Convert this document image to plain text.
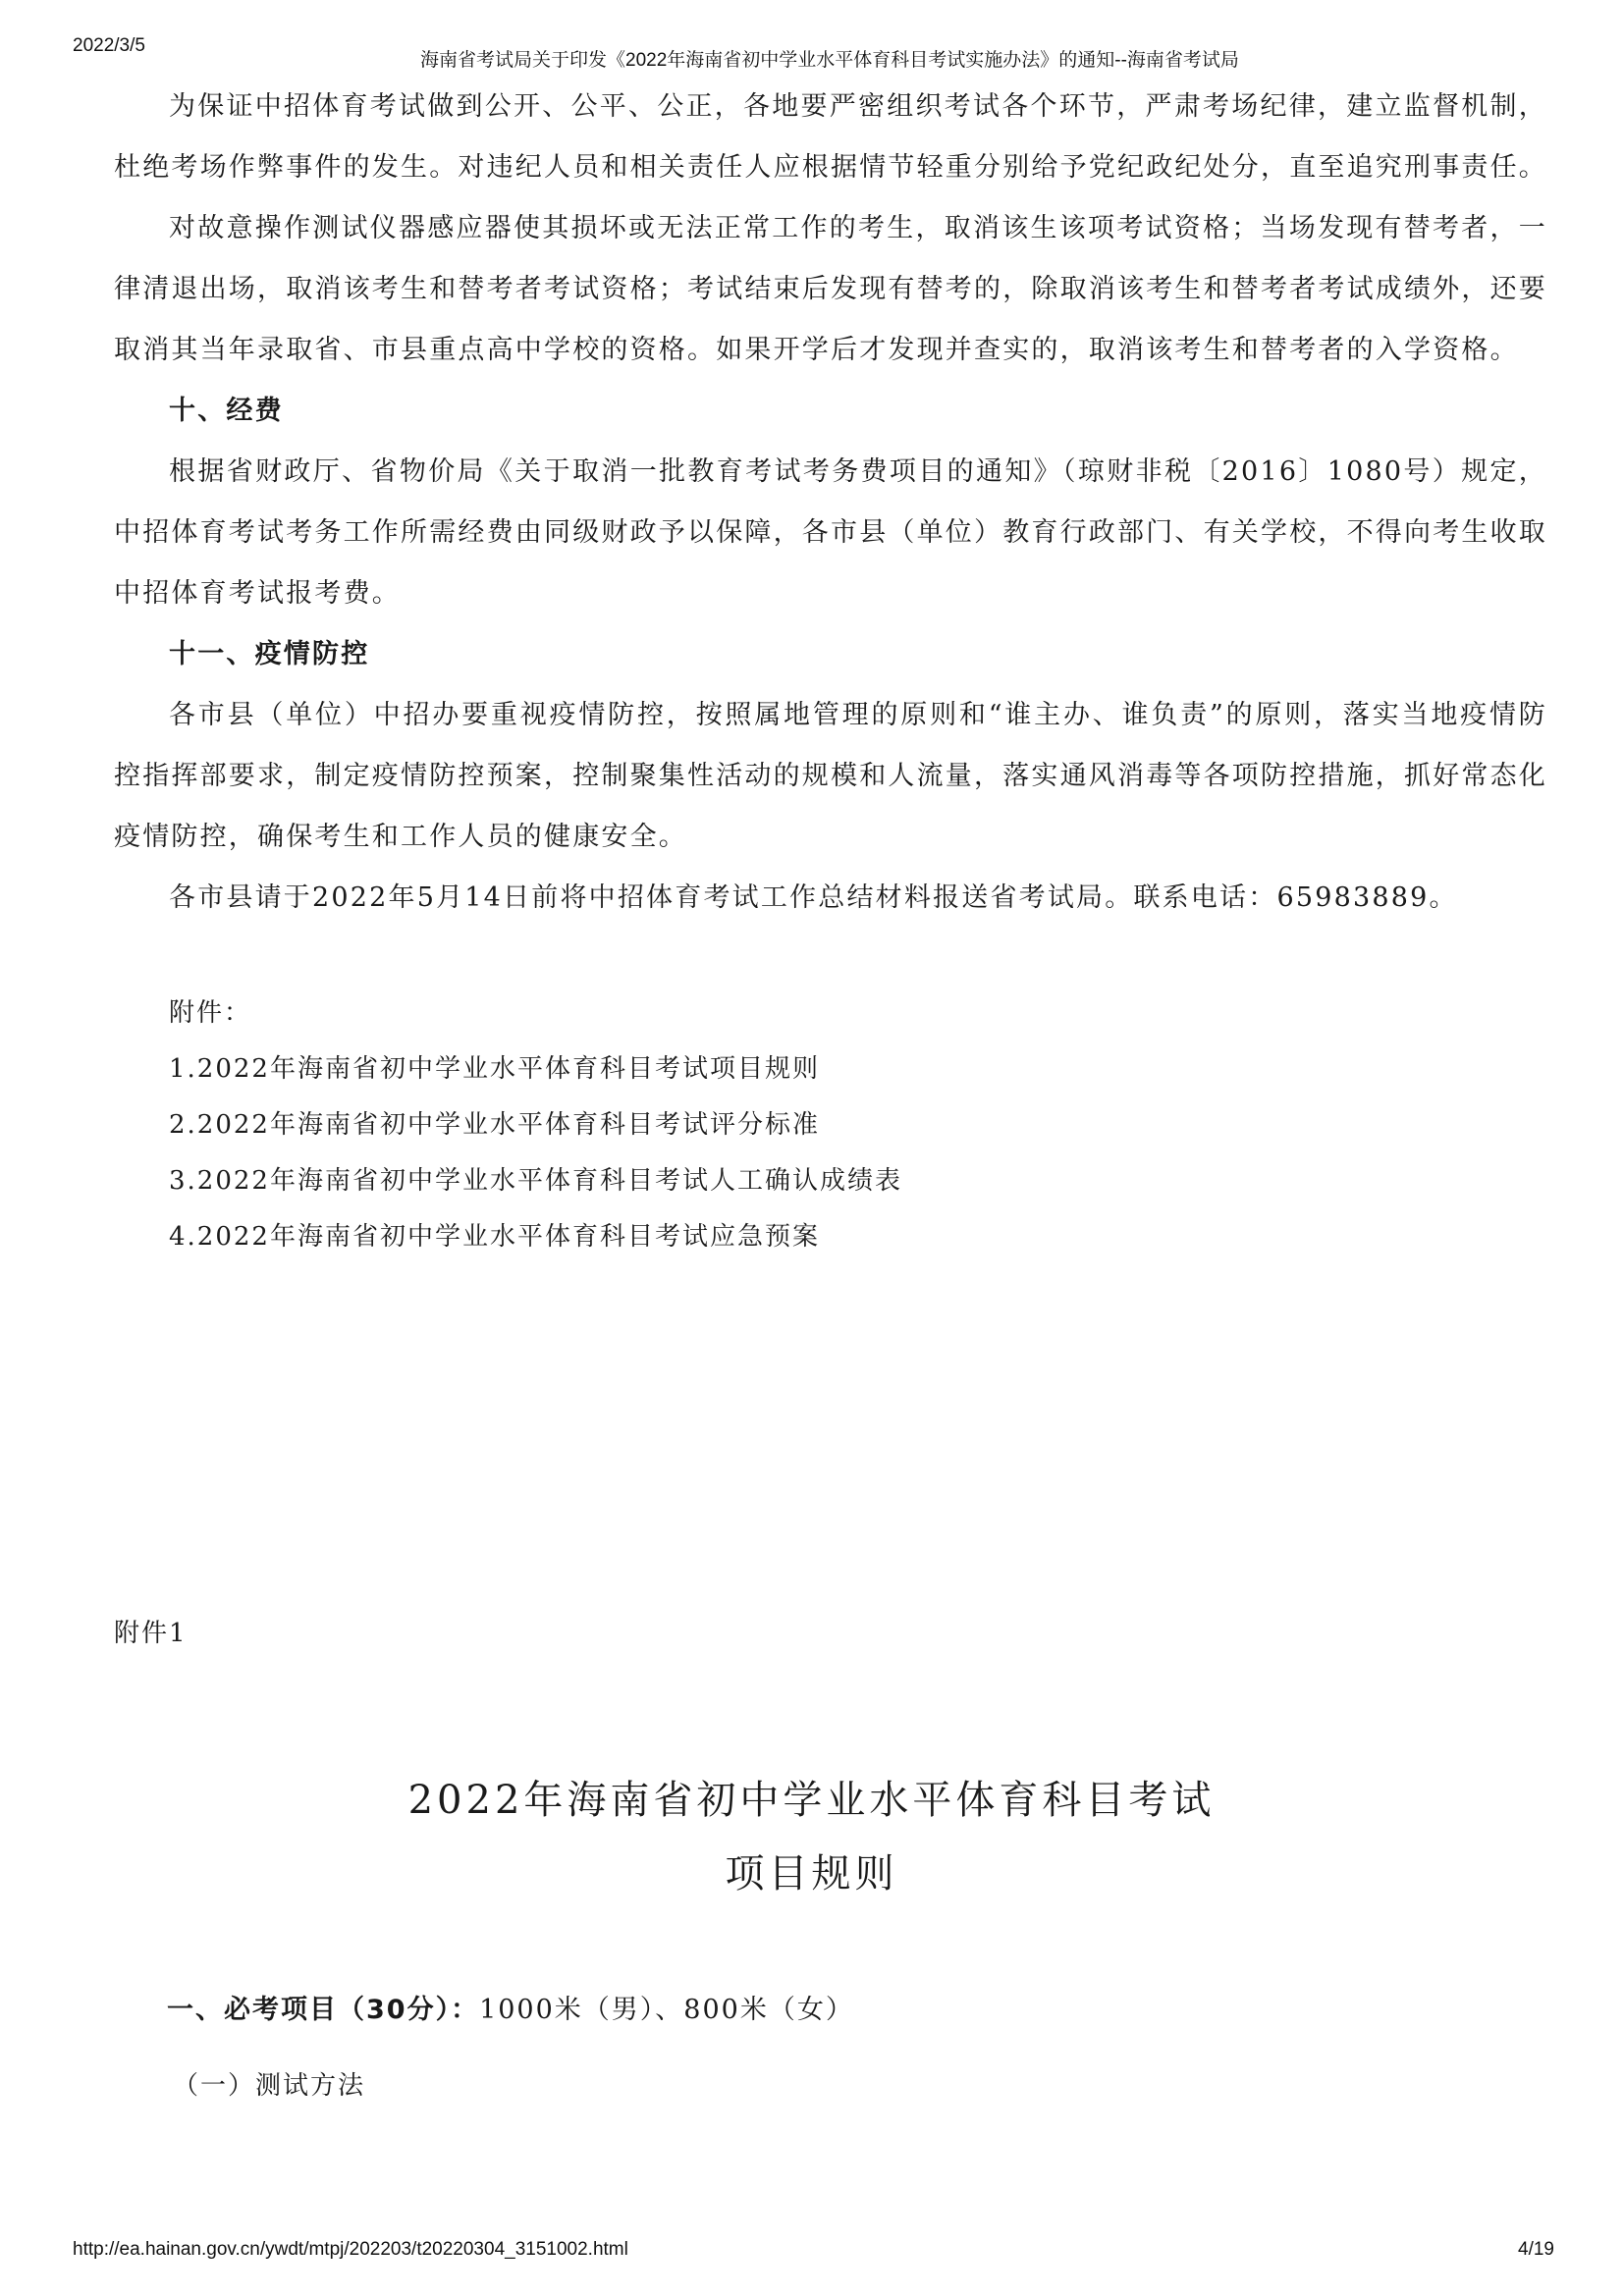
2022/3/5
海南省考试局关于印发《2022年海南省初中学业水平体育科目考试实施办法》的通知--海南省考试局

为保证中招体育考试做到公开、公平、公正，各地要严密组织考试各个环节，严肃考场纪律，建立监督机制，杜绝考场作弊事件的发生。对违纪人员和相关责任人应根据情节轻重分别给予党纪政纪处分，直至追究刑事责任。

对故意操作测试仪器感应器使其损坏或无法正常工作的考生，取消该生该项考试资格；当场发现有替考者，一律清退出场，取消该考生和替考者考试资格；考试结束后发现有替考的，除取消该考生和替考者考试成绩外，还要取消其当年录取省、市县重点高中学校的资格。如果开学后才发现并查实的，取消该考生和替考者的入学资格。

十、经费

根据省财政厅、省物价局《关于取消一批教育考试考务费项目的通知》（琼财非税〔2016〕1080号）规定，中招体育考试考务工作所需经费由同级财政予以保障，各市县（单位）教育行政部门、有关学校，不得向考生收取中招体育考试报考费。

十一、疫情防控

各市县（单位）中招办要重视疫情防控，按照属地管理的原则和“谁主办、谁负责”的原则，落实当地疫情防控指挥部要求，制定疫情防控预案，控制聚集性活动的规模和人流量，落实通风消毒等各项防控措施，抓好常态化疫情防控，确保考生和工作人员的健康安全。

各市县请于2022年5月14日前将中招体育考试工作总结材料报送省考试局。联系电话：65983889。

附件：
1.2022年海南省初中学业水平体育科目考试项目规则
2.2022年海南省初中学业水平体育科目考试评分标准
3.2022年海南省初中学业水平体育科目考试人工确认成绩表
4.2022年海南省初中学业水平体育科目考试应急预案
附件1
2022年海南省初中学业水平体育科目考试
项目规则
一、必考项目（30分）：1000米（男）、800米（女）
（一）测试方法
http://ea.hainan.gov.cn/ywdt/mtpj/202203/t20220304_3151002.html	4/19
